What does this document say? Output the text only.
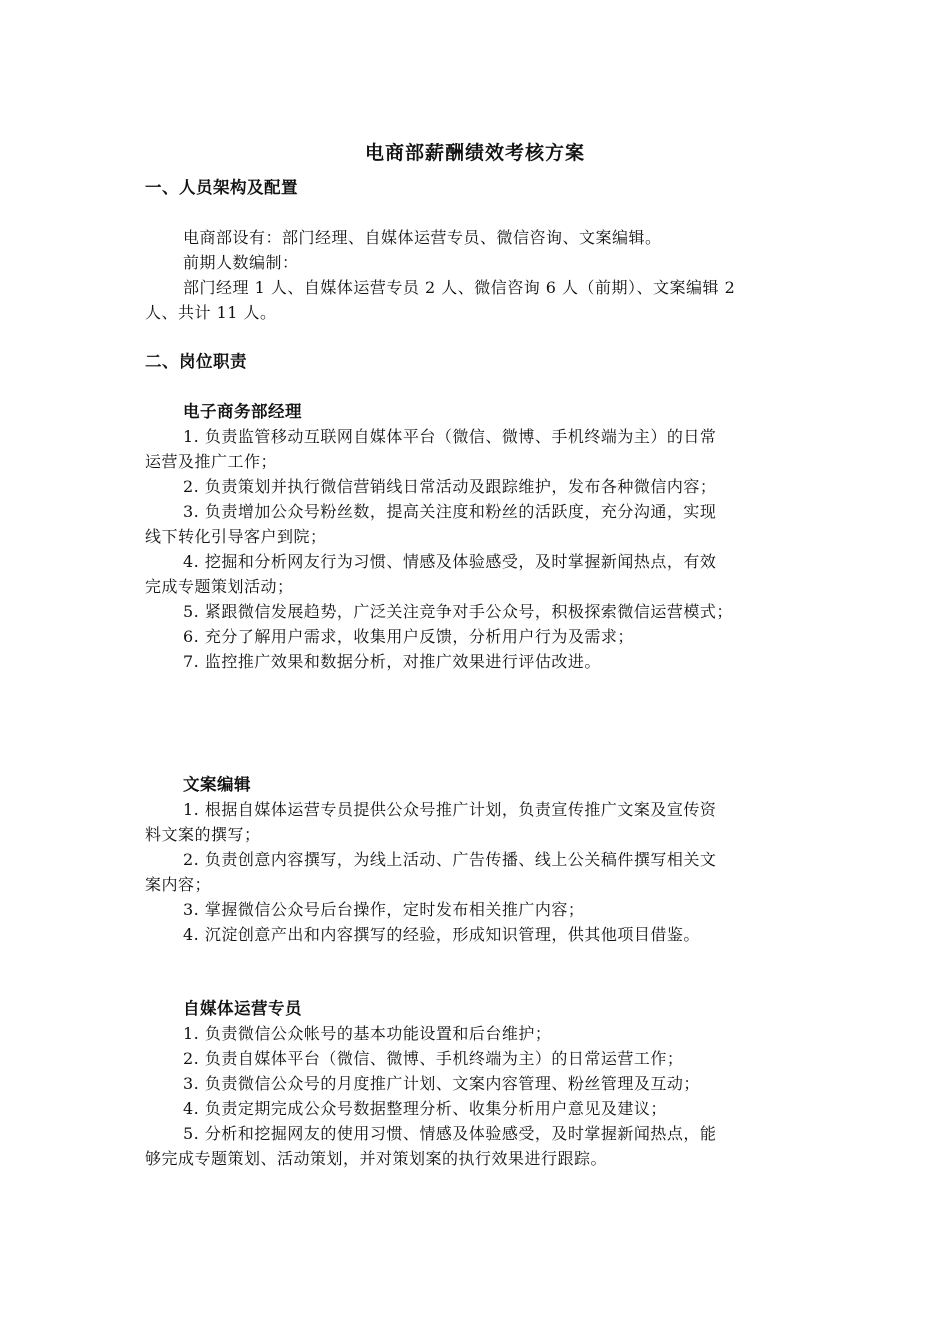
电商部薪酬绩效考核方案
一、人员架构及配置
电商部设有：部门经理、自媒体运营专员、微信咨询、文案编辑。
前期人数编制：
部门经理 1 人、自媒体运营专员 2 人、微信咨询 6 人（前期）、文案编辑 2
人、共计 11 人。
二、岗位职责
电子商务部经理
1. 负责监管移动互联网自媒体平台（微信、微博、手机终端为主）的日常
运营及推广工作；
2. 负责策划并执行微信营销线日常活动及跟踪维护，发布各种微信内容；
3. 负责增加公众号粉丝数，提高关注度和粉丝的活跃度，充分沟通，实现
线下转化引导客户到院；
4. 挖掘和分析网友行为习惯、情感及体验感受，及时掌握新闻热点，有效
完成专题策划活动；
5. 紧跟微信发展趋势，广泛关注竞争对手公众号，积极探索微信运营模式；
6. 充分了解用户需求，收集用户反馈，分析用户行为及需求；
7. 监控推广效果和数据分析，对推广效果进行评估改进。
文案编辑
1. 根据自媒体运营专员提供公众号推广计划，负责宣传推广文案及宣传资
料文案的撰写；
2. 负责创意内容撰写，为线上活动、广告传播、线上公关稿件撰写相关文
案内容；
3. 掌握微信公众号后台操作，定时发布相关推广内容；
4. 沉淀创意产出和内容撰写的经验，形成知识管理，供其他项目借鉴。
自媒体运营专员
1. 负责微信公众帐号的基本功能设置和后台维护；
2. 负责自媒体平台（微信、微博、手机终端为主）的日常运营工作；
3. 负责微信公众号的月度推广计划、文案内容管理、粉丝管理及互动；
4. 负责定期完成公众号数据整理分析、收集分析用户意见及建议；
5. 分析和挖掘网友的使用习惯、情感及体验感受，及时掌握新闻热点，能
够完成专题策划、活动策划，并对策划案的执行效果进行跟踪。
